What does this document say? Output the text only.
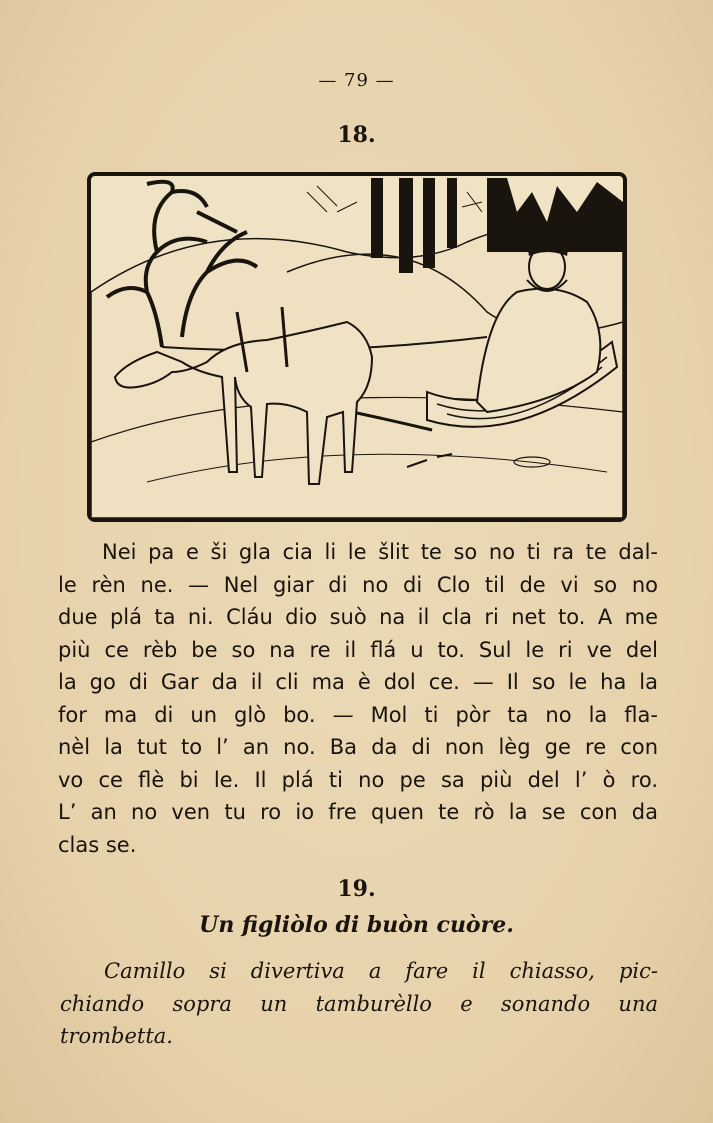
— 79 —
18.
Nei pa e ši gla cia li le šlit te so no ti ra te dal-
le rèn ne. — Nel giar di no di Clo til de vi so no
due plá ta ni. Cláu dio suò na il cla ri net to. A me
più ce rèb be so na re il flá u to. Sul le ri ve del
la go di Gar da il cli ma è dol ce. — Il so le ha la
for ma di un glò bo. — Mol ti pòr ta no la fla-
nèl la tut to l’ an no. Ba da di non lèg ge re con
vo ce flè bi le. Il plá ti no pe sa più del l’ ò ro.
L’ an no ven tu ro io fre quen te rò la se con da
clas se.
19.
Un figliòlo di buòn cuòre.
Camillo si divertiva a fare il chiasso, pic-
chiando sopra un tamburèllo e sonando una
trombetta.
